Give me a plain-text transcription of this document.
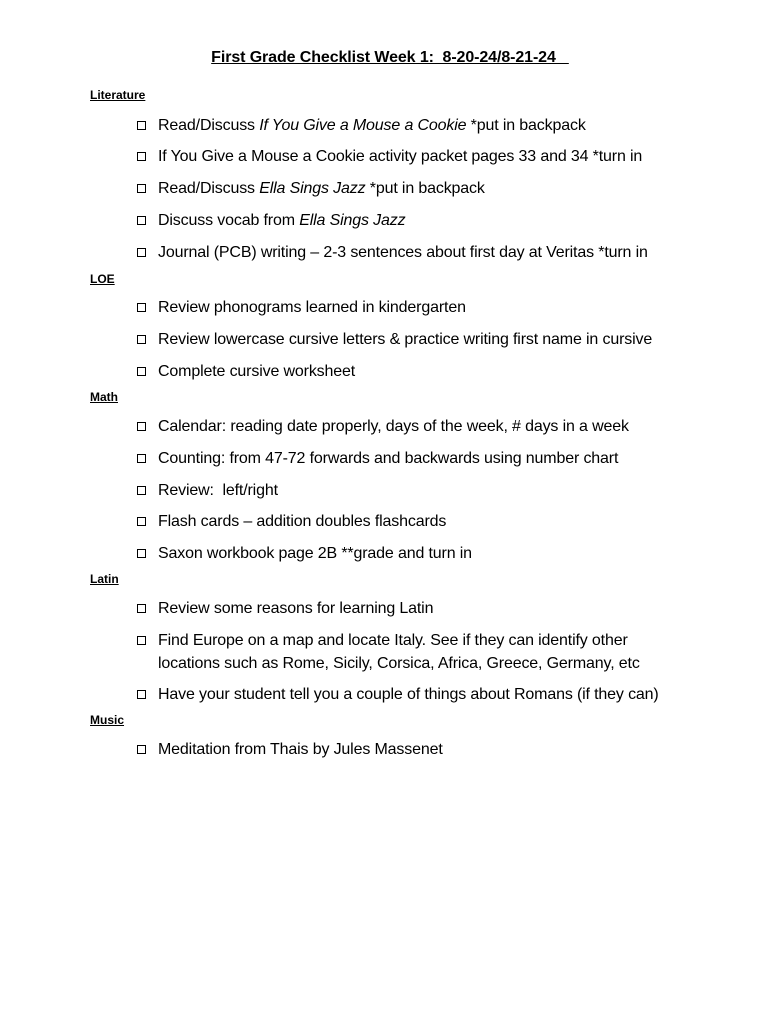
First Grade Checklist Week 1:  8-20-24/8-21-24
Literature
Read/Discuss If You Give a Mouse a Cookie *put in backpack
If You Give a Mouse a Cookie activity packet pages 33 and 34 *turn in
Read/Discuss Ella Sings Jazz *put in backpack
Discuss vocab from Ella Sings Jazz
Journal (PCB) writing – 2-3 sentences about first day at Veritas *turn in
LOE
Review phonograms learned in kindergarten
Review lowercase cursive letters & practice writing first name in cursive
Complete cursive worksheet
Math
Calendar: reading date properly, days of the week, # days in a week
Counting: from 47-72 forwards and backwards using number chart
Review:  left/right
Flash cards – addition doubles flashcards
Saxon workbook page 2B **grade and turn in
Latin
Review some reasons for learning Latin
Find Europe on a map and locate Italy. See if they can identify other locations such as Rome, Sicily, Corsica, Africa, Greece, Germany, etc
Have your student tell you a couple of things about Romans (if they can)
Music
Meditation from Thais by Jules Massenet
